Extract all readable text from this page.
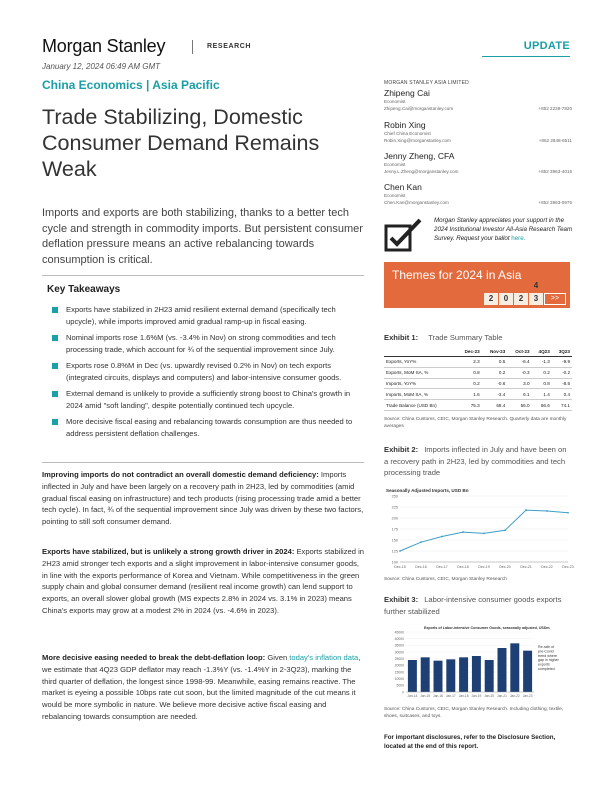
Morgan Stanley	RESEARCH	UPDATE
January 12, 2024 06:49 AM GMT
China Economics | Asia Pacific
Trade Stabilizing, Domestic Consumer Demand Remains Weak

Imports and exports are both stabilizing, thanks to a better tech cycle and strength in commodity imports. But persistent consumer deflation pressure means an active rebalancing towards consumption is critical.

Key Takeaways
Exports have stabilized in 2H23 amid resilient external demand (specifically tech upcycle), while imports improved amid gradual ramp-up in fiscal easing.
Nominal imports rose 1.6%M (vs. -3.4% in Nov) on strong commodities and tech processing trade, which account for ¾ of the sequential improvement since July.
Exports rose 0.8%M in Dec (vs. upwardly revised 0.2% in Nov) on tech exports (integrated circuits, displays and computers) and labor-intensive consumer goods.
External demand is unlikely to provide a sufficiently strong boost to China's growth in 2024 amid "soft landing", despite potentially continued tech upcycle.
More decisive fiscal easing and rebalancing towards consumption are thus needed to address persistent deflation challenges.

Improving imports do not contradict an overall domestic demand deficiency: Imports inflected in July and have been largely on a recovery path in 2H23, led by commodities (amid gradual fiscal easing on infrastructure) and tech products (rising processing trade amid a better tech cycle). In fact, ¾ of the sequential improvement since July was driven by these two factors, pointing to still soft consumer demand.

Exports have stabilized, but is unlikely a strong growth driver in 2024: Exports stabilized in 2H23 amid stronger tech exports and a slight improvement in labor-intensive consumer goods, in line with the exports performance of Korea and Vietnam. While competitiveness in the green supply chain and global consumer demand (resilient real income growth) can lend support to exports, an overall slower global growth (MS expects 2.8% in 2024 vs. 3.1% in 2023) means China's exports may grow at a modest 2% in 2024 (vs. -4.6% in 2023).

More decisive easing needed to break the debt-deflation loop: Given today's inflation data, we estimate that 4Q23 GDP deflator may reach -1.3%Y (vs. -1.4%Y in 2-3Q23), marking the third quarter of deflation, the longest since 1998-99. Meanwhile, easing remains reactive. The market is eyeing a possible 10bps rate cut soon, but the limited magnitude of the cut means it would be more symbolic in nature. We believe more decisive active fiscal easing and rebalancing towards consumption are needed.

MORGAN STANLEY ASIA LIMITED
Zhipeng Cai
Economist
Zhipeng.Cai@morganstanley.com	+852 2239-7820
Robin Xing
Chief China Economist
Robin.Xing@morganstanley.com	+852 2848-6511
Jenny Zheng, CFA
Economist
Jenny.L.Zheng@morganstanley.com	+852 3963-4015
Chen Kan
Economist
Chen.Kan@morganstanley.com	+852 3963-0976
Morgan Stanley appreciates your support in the 2024 Institutional Investor All-Asia Research Team Survey. Request your ballot here.
Themes for 2024 in Asia
2	0	2	3
4
>>
Exhibit 1: Trade Summary Table
	Dec-23	Nov-23	Oct-23	4Q23	3Q23
Exports, YoY%	2.3	0.5	-6.4	-1.3	-9.9
Exports, MoM SA, %	0.8	0.2	-0.3	0.2	-0.2
Imports, YoY%	0.2	-0.6	3.0	0.8	-8.5
Imports, MoM SA, %	1.6	-3.4	6.1	1.4	0.4
Trade Balance (USD Bn)	75.3	68.4	56.0	66.6	74.1
Source: China Customs, CEIC, Morgan Stanley Research. Quarterly data are monthly averages
Exhibit 2: Imports inflected in July and have been on a recovery path in 2H23, led by commodities and tech processing trade
Seasonally Adjusted Imports, USD Bn
100
125
150
175
200
225
250
Dec-15	Dec-16	Dec-17	Dec-18	Dec-19	Dec-20	Dec-21	Dec-22	Dec-23
Source: China Customs, CEIC, Morgan Stanley Research
Exhibit 3: Labor-intensive consumer goods exports further stabilized
Exports of Labor-intensive Consumer Goods, seasonally adjusted, USDm
0
5000
10000
15000
20000
25000
30000
35000
40000
45000
Jan-14 Jan-15 Jan-16 Jan-17 Jan-18 Jan-19 Jan-20 Jan-21 Jan-22 Jan-23
Re-rate of pre-Covid trend where gap in higher exports completed
Source: China Customs, CEIC, Morgan Stanley Research. Including clothing, textile, shoes, suitcases, and toys.
For important disclosures, refer to the Disclosure Section, located at the end of this report.
